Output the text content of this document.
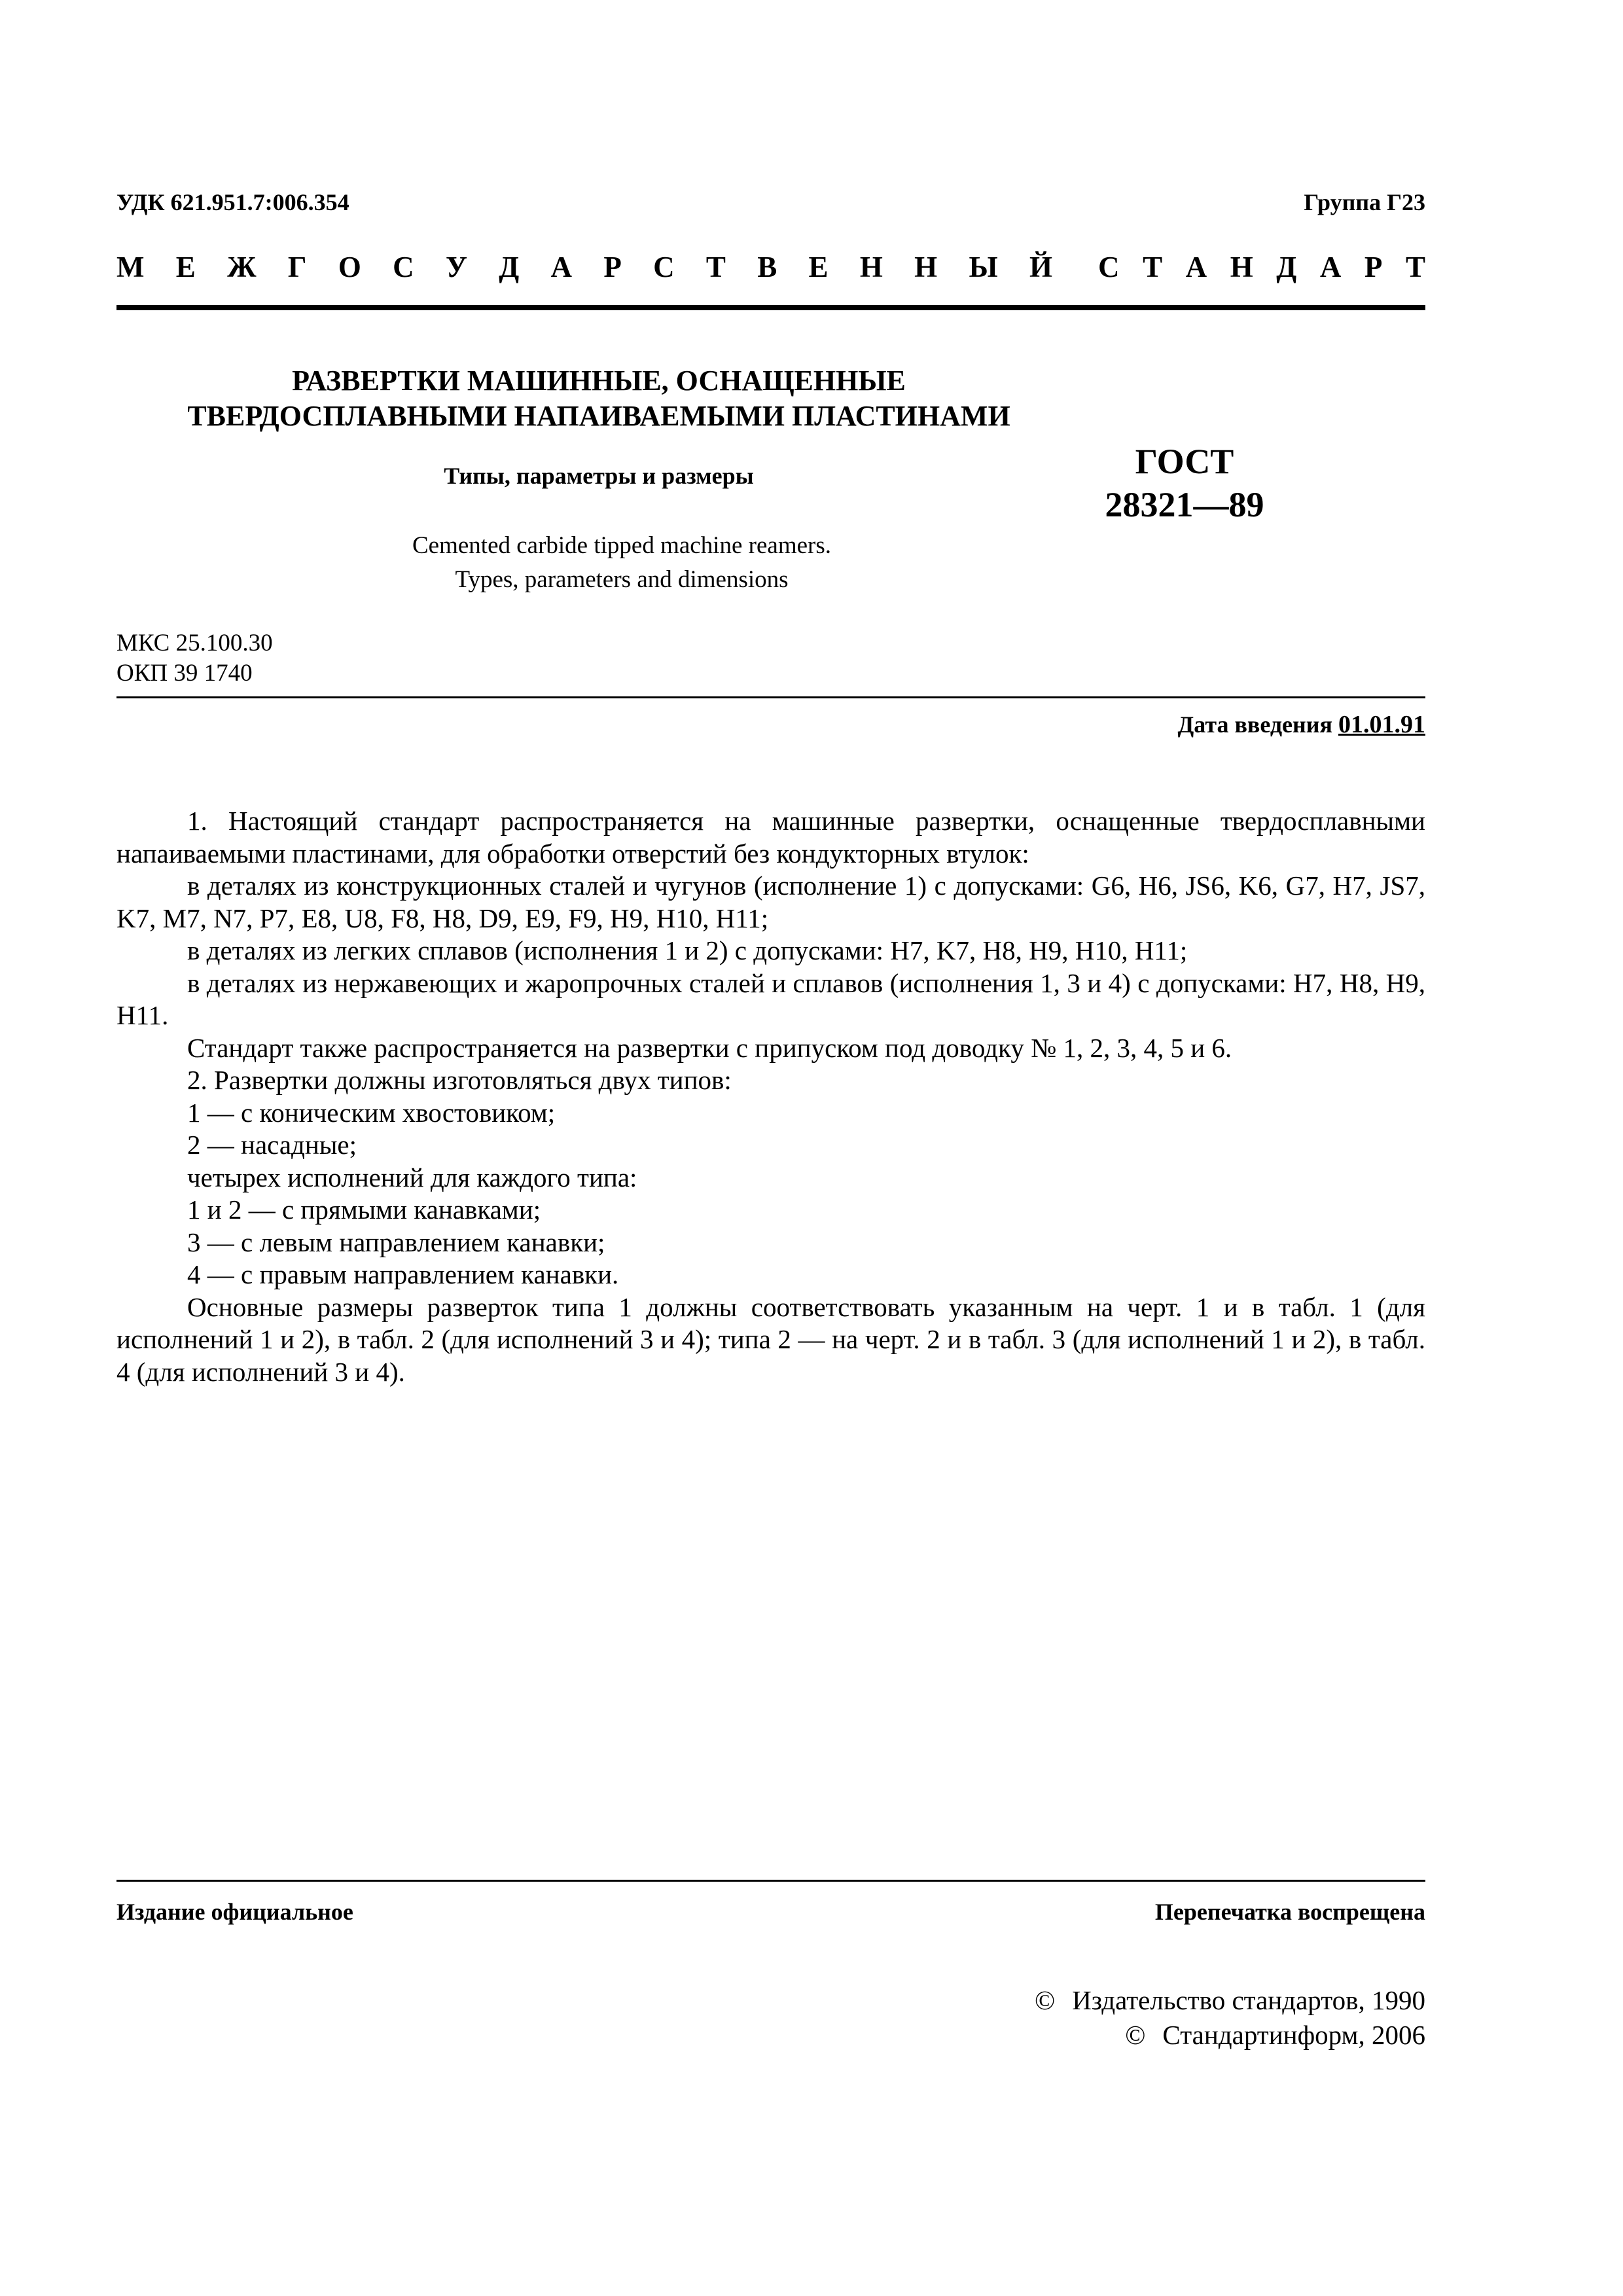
УДК 621.951.7:006.354	Группа Г23
М Е Ж Г О С У Д А Р С Т В Е Н Н Ы Й С Т А Н Д А Р Т
РАЗВЕРТКИ МАШИННЫЕ, ОСНАЩЕННЫЕ
ТВЕРДОСПЛАВНЫМИ НАПАИВАЕМЫМИ ПЛАСТИНАМИ
Типы, параметры и размеры
Cemented carbide tipped machine reamers.
Types, parameters and dimensions
ГОСТ
28321—89
МКС 25.100.30
ОКП 39 1740
Дата введения 01.01.91

1. Настоящий стандарт распространяется на машинные развертки, оснащенные твердосплавными напаиваемыми пластинами, для обработки отверстий без кондукторных втулок:

в деталях из конструкционных сталей и чугунов (исполнение 1) с допусками: G6, H6, JS6, K6, G7, H7, JS7, K7, M7, N7, P7, E8, U8, F8, H8, D9, E9, F9, H9, H10, H11;

в деталях из легких сплавов (исполнения 1 и 2) с допусками: H7, K7, H8, H9, H10, H11;

в деталях из нержавеющих и жаропрочных сталей и сплавов (исполнения 1, 3 и 4) с допусками: H7, H8, H9, H11.

Стандарт также распространяется на развертки с припуском под доводку № 1, 2, 3, 4, 5 и 6.

2. Развертки должны изготовляться двух типов:

1 — с коническим хвостовиком;

2 — насадные;

четырех исполнений для каждого типа:

1 и 2 — с прямыми канавками;

3 — с левым направлением канавки;

4 — с правым направлением канавки.

Основные размеры разверток типа 1 должны соответствовать указанным на черт. 1 и в табл. 1 (для исполнений 1 и 2), в табл. 2 (для исполнений 3 и 4); типа 2 — на черт. 2 и в табл. 3 (для исполнений 1 и 2), в табл. 4 (для исполнений 3 и 4).

Издание официальное	Перепечатка воспрещена
© Издательство стандартов, 1990
© Стандартинформ, 2006
